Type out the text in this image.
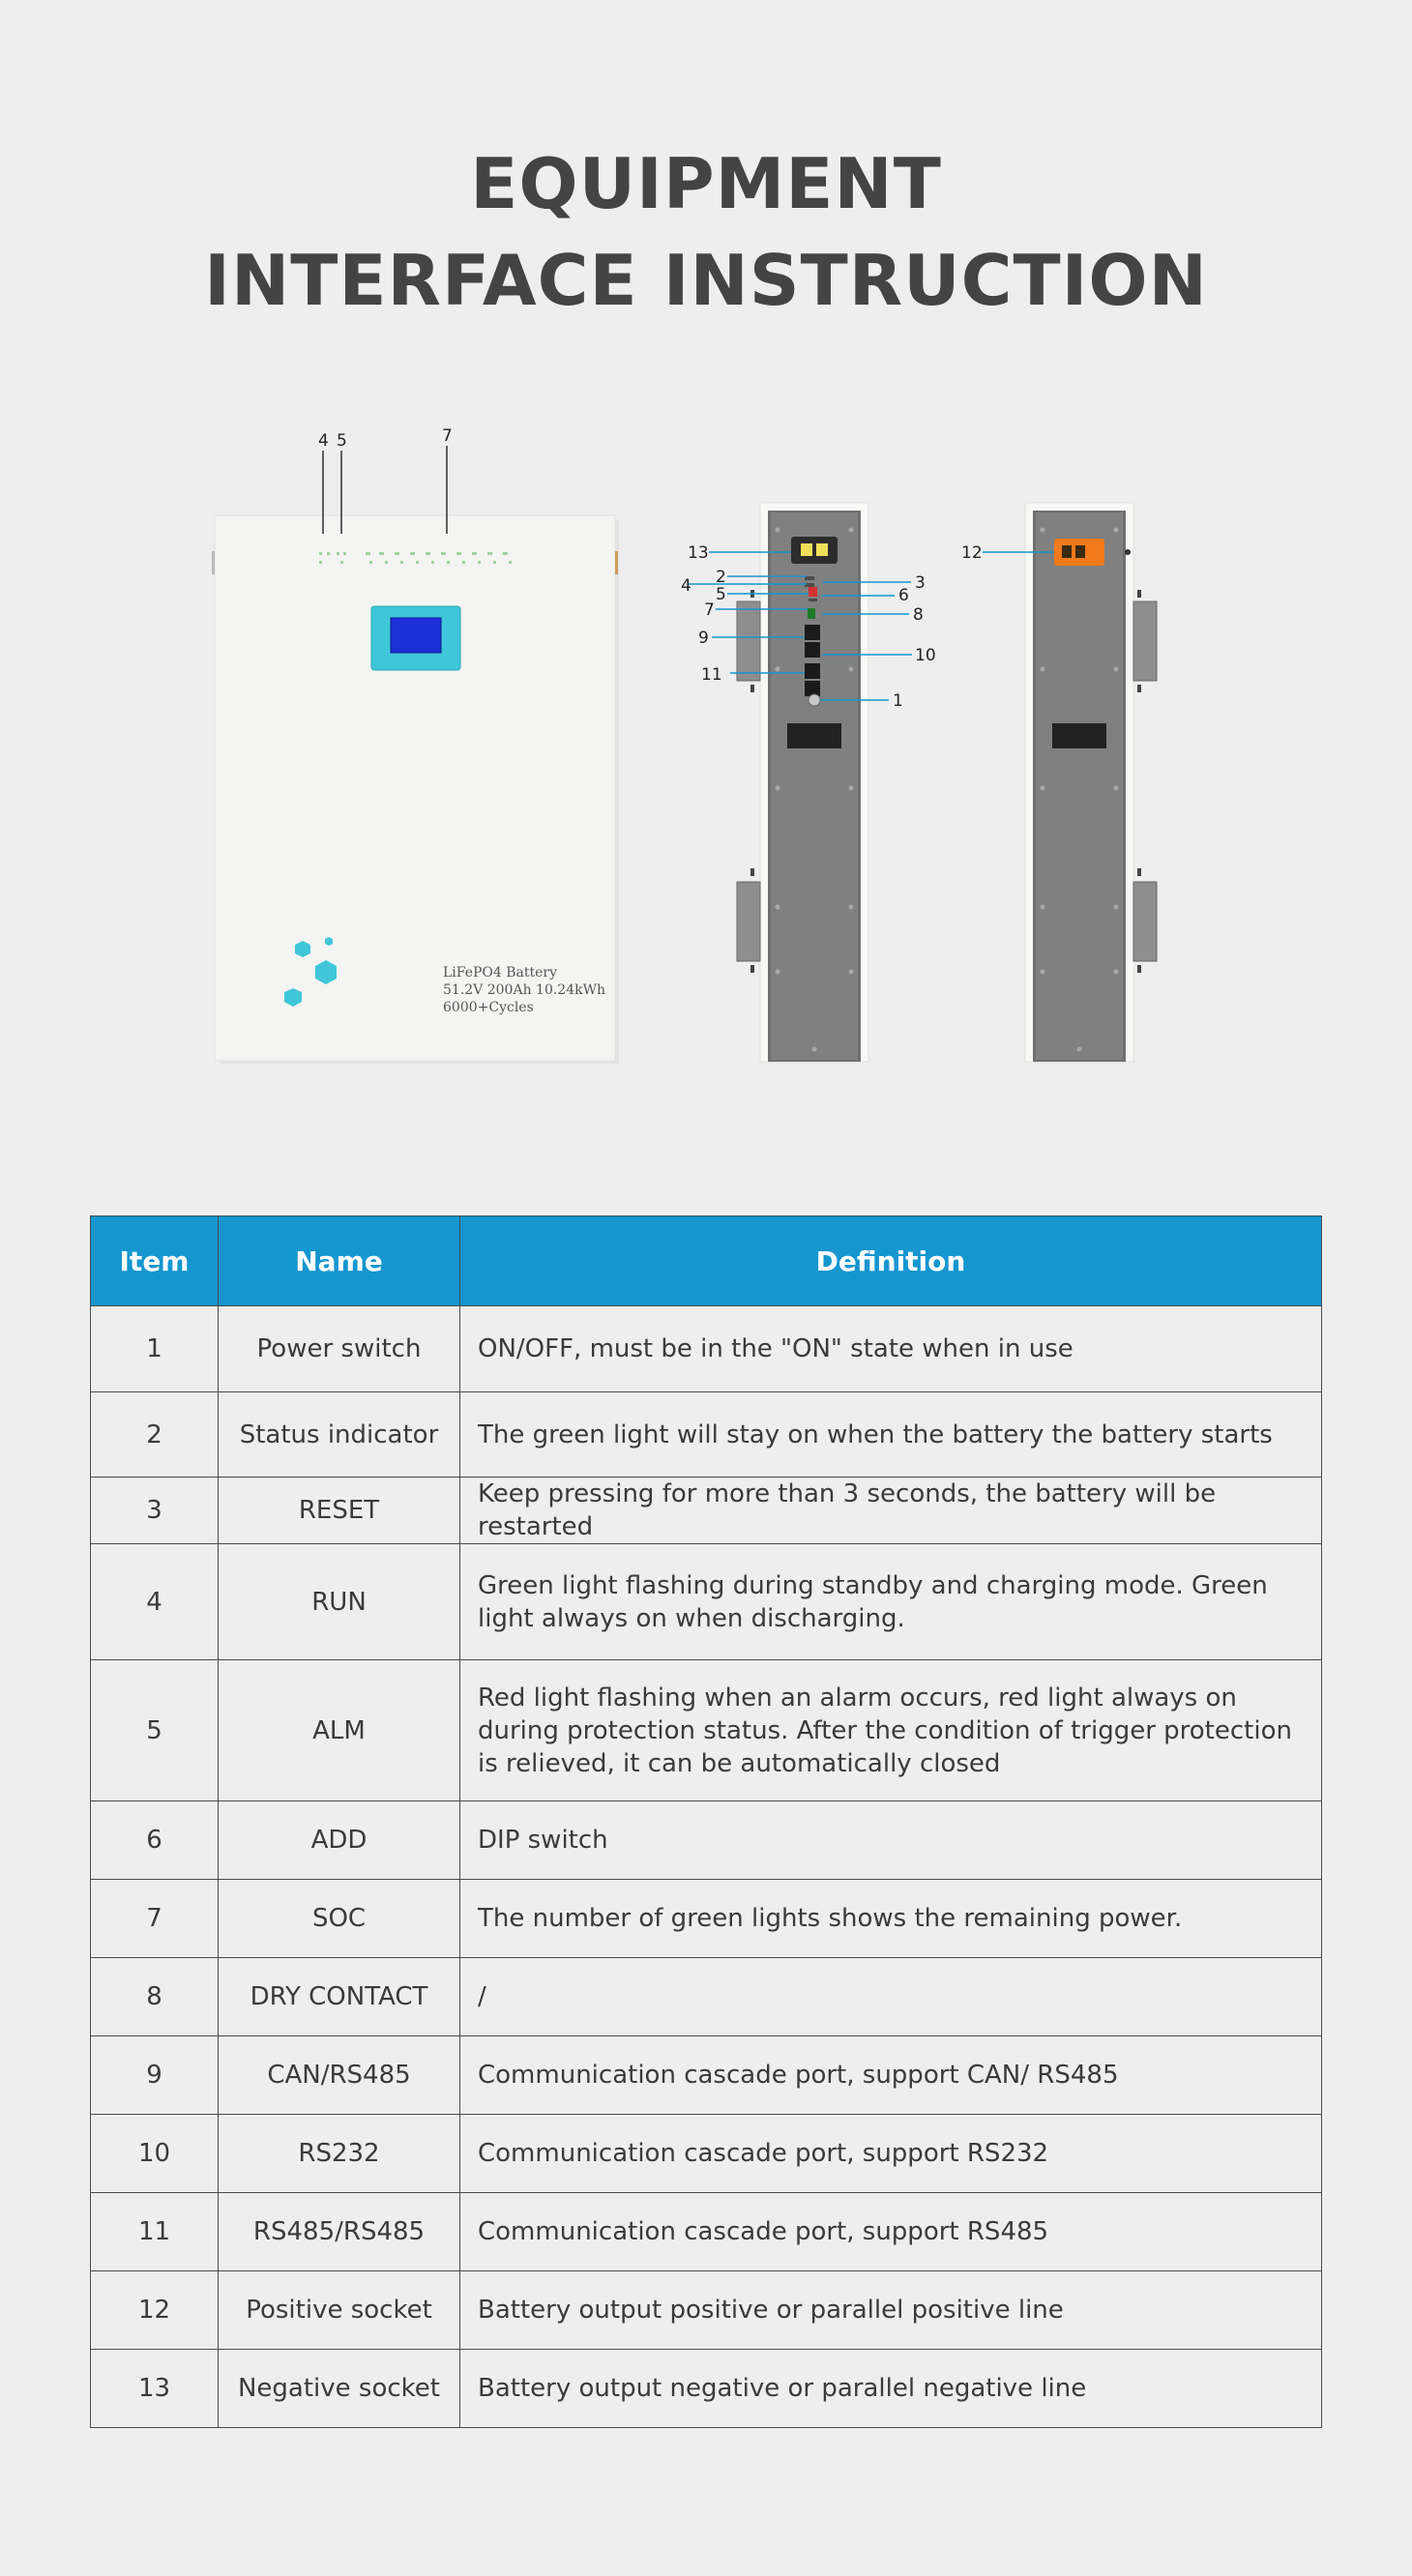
EQUIPMENT
INTERFACE INSTRUCTION
LiFePO4 Battery
51.2V 200Ah 10.24kWh
6000+Cycles
4 5	7
13
2
4 5
7
9
11
3
6
8
10
1
12
Item	Name	Definition
1	Power switch	ON/OFF, must be in the "ON" state when in use
2	Status indicator	The green light will stay on when the battery the battery starts
3	RESET	Keep pressing for more than 3 seconds, the battery will be restarted
4	RUN	Green light flashing during standby and charging mode. Green light always on when discharging.
5	ALM	Red light flashing when an alarm occurs, red light always on during protection status. After the condition of trigger protection is relieved, it can be automatically closed
6	ADD	DIP switch
7	SOC	The number of green lights shows the remaining power.
8	DRY CONTACT	/
9	CAN/RS485	Communication cascade port, support CAN/ RS485
10	RS232	Communication cascade port, support RS232
11	RS485/RS485	Communication cascade port, support RS485
12	Positive socket	Battery output positive or parallel positive line
13	Negative socket	Battery output negative or parallel negative line
